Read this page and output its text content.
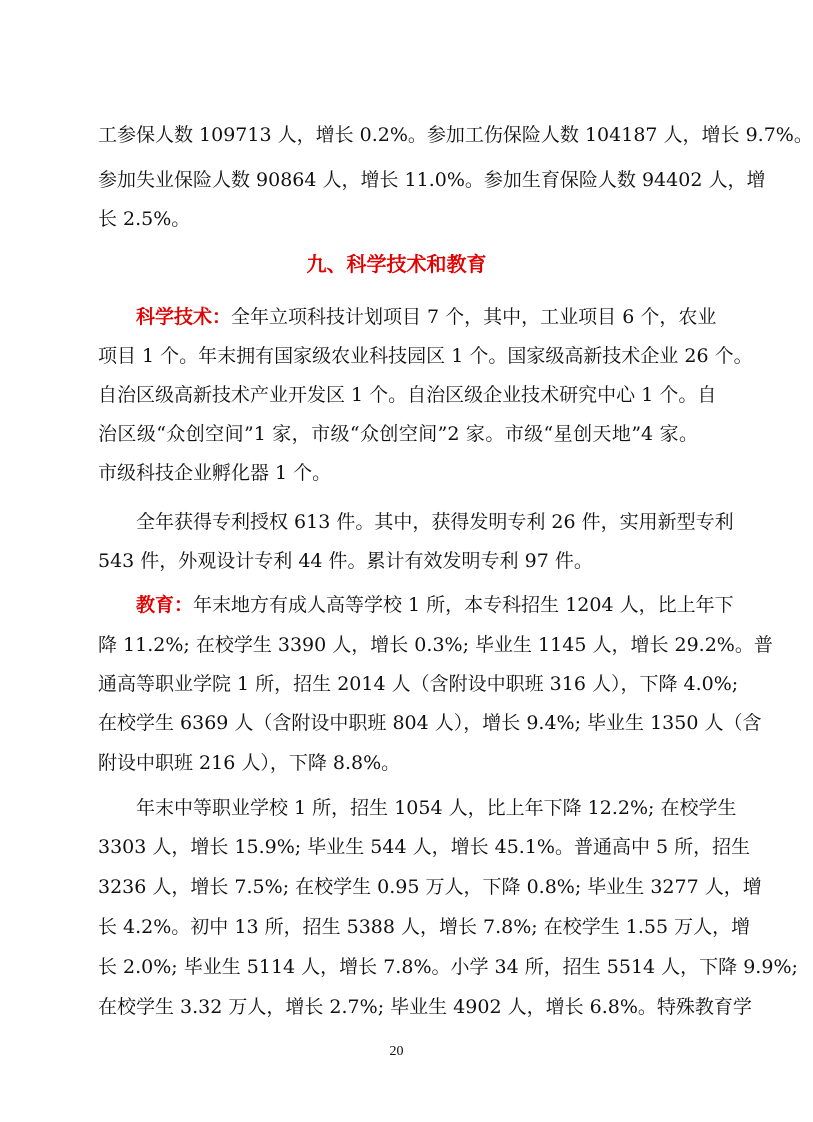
工参保人数 109713 人，增长 0.2%。参加工伤保险人数 104187 人，增长 9.7%。
参加失业保险人数 90864 人，增长 11.0%。参加生育保险人数 94402 人，增
长 2.5%。
九、科学技术和教育
科学技术：全年立项科技计划项目 7 个，其中，工业项目 6 个，农业
项目 1 个。年末拥有国家级农业科技园区 1 个。国家级高新技术企业 26 个。
自治区级高新技术产业开发区 1 个。自治区级企业技术研究中心 1 个。自
治区级“众创空间”1 家，市级“众创空间”2 家。市级“星创天地”4 家。
市级科技企业孵化器 1 个。
全年获得专利授权 613 件。其中，获得发明专利 26 件，实用新型专利
543 件，外观设计专利 44 件。累计有效发明专利 97 件。
教育：年末地方有成人高等学校 1 所，本专科招生 1204 人，比上年下
降 11.2%; 在校学生 3390 人，增长 0.3%; 毕业生 1145 人，增长 29.2%。普
通高等职业学院 1 所，招生 2014 人（含附设中职班 316 人），下降 4.0%;
在校学生 6369 人（含附设中职班 804 人），增长 9.4%; 毕业生 1350 人（含
附设中职班 216 人），下降 8.8%。
年末中等职业学校 1 所，招生 1054 人，比上年下降 12.2%; 在校学生
3303 人，增长 15.9%; 毕业生 544 人，增长 45.1%。普通高中 5 所，招生
3236 人，增长 7.5%; 在校学生 0.95 万人，下降 0.8%; 毕业生 3277 人，增
长 4.2%。初中 13 所，招生 5388 人，增长 7.8%; 在校学生 1.55 万人，增
长 2.0%; 毕业生 5114 人，增长 7.8%。小学 34 所，招生 5514 人，下降 9.9%;
在校学生 3.32 万人，增长 2.7%; 毕业生 4902 人，增长 6.8%。特殊教育学
20
